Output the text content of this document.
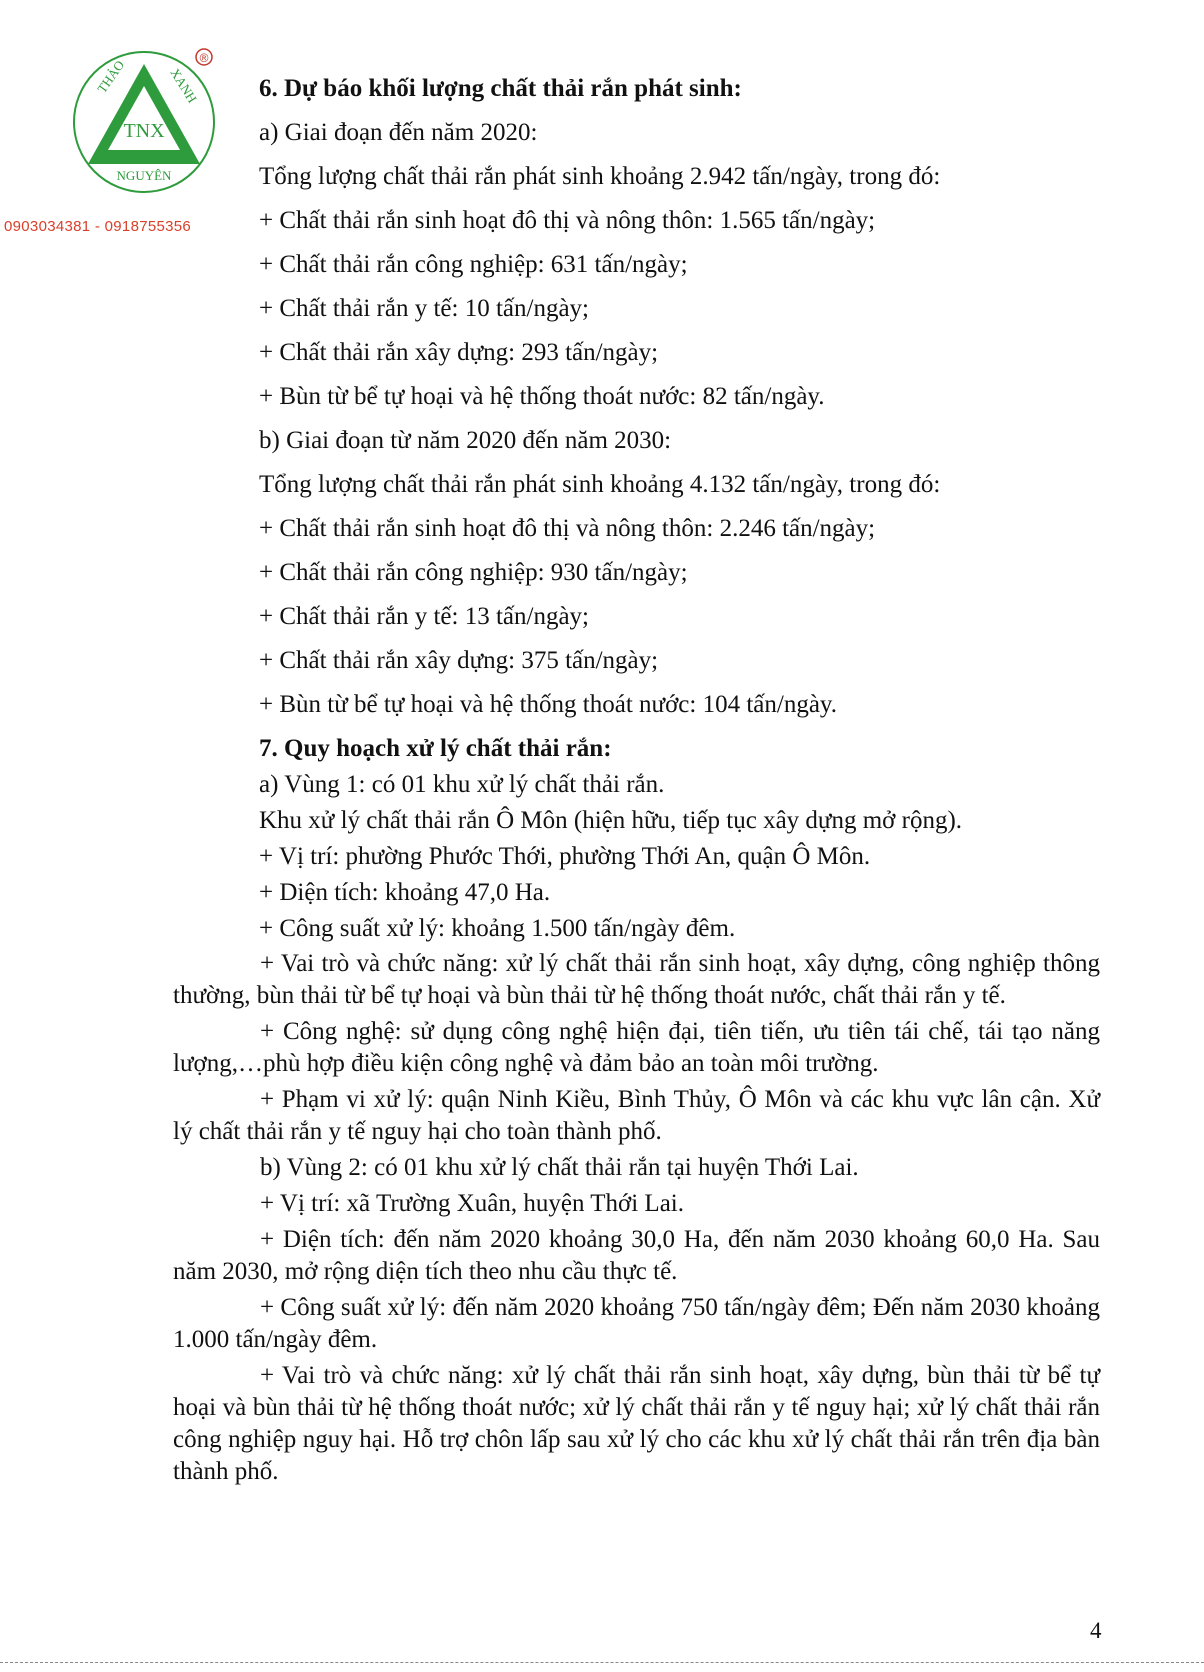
TNX
THẢO	XANH
NGUYÊN
®
0903034381 - 0918755356

6. Dự báo khối lượng chất thải rắn phát sinh:

a) Giai đoạn đến năm 2020:

Tổng lượng chất thải rắn phát sinh khoảng 2.942 tấn/ngày, trong đó:

+ Chất thải rắn sinh hoạt đô thị và nông thôn: 1.565 tấn/ngày;

+ Chất thải rắn công nghiệp: 631 tấn/ngày;

+ Chất thải rắn y tế: 10 tấn/ngày;

+ Chất thải rắn xây dựng: 293 tấn/ngày;

+ Bùn từ bể tự hoại và hệ thống thoát nước: 82 tấn/ngày.

b) Giai đoạn từ năm 2020 đến năm 2030:

Tổng lượng chất thải rắn phát sinh khoảng 4.132 tấn/ngày, trong đó:

+ Chất thải rắn sinh hoạt đô thị và nông thôn: 2.246 tấn/ngày;

+ Chất thải rắn công nghiệp: 930 tấn/ngày;

+ Chất thải rắn y tế: 13 tấn/ngày;

+ Chất thải rắn xây dựng: 375 tấn/ngày;

+ Bùn từ bể tự hoại và hệ thống thoát nước: 104 tấn/ngày.

7. Quy hoạch xử lý chất thải rắn:

a) Vùng 1: có 01 khu xử lý chất thải rắn.

Khu xử lý chất thải rắn Ô Môn (hiện hữu, tiếp tục xây dựng mở rộng).

+ Vị trí: phường Phước Thới, phường Thới An, quận Ô Môn.

+ Diện tích: khoảng 47,0 Ha.

+ Công suất xử lý: khoảng 1.500 tấn/ngày đêm.

+ Vai trò và chức năng: xử lý chất thải rắn sinh hoạt, xây dựng, công nghiệp thông thường, bùn thải từ bể tự hoại và bùn thải từ hệ thống thoát nước, chất thải rắn y tế.

+ Công nghệ: sử dụng công nghệ hiện đại, tiên tiến, ưu tiên tái chế, tái tạo năng lượng,…phù hợp điều kiện công nghệ và đảm bảo an toàn môi trường.

+ Phạm vi xử lý: quận Ninh Kiều, Bình Thủy, Ô Môn và các khu vực lân cận. Xử lý chất thải rắn y tế nguy hại cho toàn thành phố.

b) Vùng 2: có 01 khu xử lý chất thải rắn tại huyện Thới Lai.

+ Vị trí: xã Trường Xuân, huyện Thới Lai.

+ Diện tích: đến năm 2020 khoảng 30,0 Ha, đến năm 2030 khoảng 60,0 Ha. Sau năm 2030, mở rộng diện tích theo nhu cầu thực tế.

+ Công suất xử lý: đến năm 2020 khoảng 750 tấn/ngày đêm; Đến năm 2030 khoảng 1.000 tấn/ngày đêm.

+ Vai trò và chức năng: xử lý chất thải rắn sinh hoạt, xây dựng, bùn thải từ bể tự hoại và bùn thải từ hệ thống thoát nước; xử lý chất thải rắn y tế nguy hại; xử lý chất thải rắn công nghiệp nguy hại. Hỗ trợ chôn lấp sau xử lý cho các khu xử lý chất thải rắn trên địa bàn thành phố.

4
